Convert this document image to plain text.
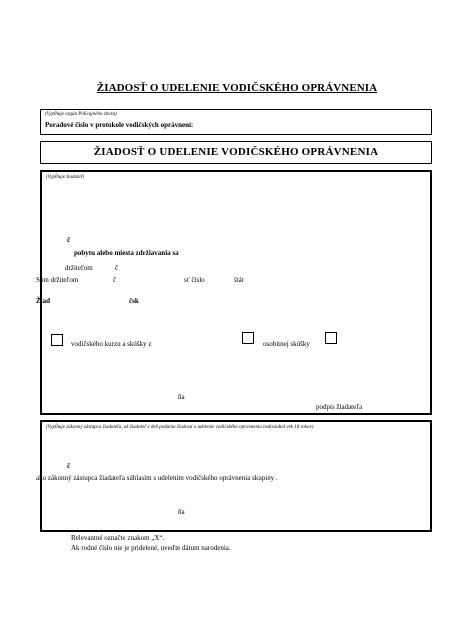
ŽIADOSŤ O UDELENIE VODIČSKÉHO OPRÁVNENIA
(Vypĺňuje orgán Policajného zboru)
Poradové číslo v protokole vodičských oprávnení:
ŽIADOSŤ O UDELENIE VODIČSKÉHO OPRÁVNENIA
(Vypĺňuje žiadateľ)
č
pobytu alebo miesta zdržiavania sa
držiteľom	č
Som držiteľom	č	sť číslo	štát
Žiad	čsk
vodičského kurzu a skúšky z	osobitnej skúšky
ňa
podpis žiadateľa
(Vypĺňuje zákonný zástupca žiadateľa, ak žiadateľ v deň podania žiadosti o udelenie vodičského oprávnenia nedosiahol vek 18 rokov)
č
ako zákonný zástupca žiadateľa súhlasím s udelením vodičského oprávnenia skupiny .
ňa
Relevantné označte znakom „X“.
Ak rodné číslo nie je pridelené, uveďte dátum narodenia.
